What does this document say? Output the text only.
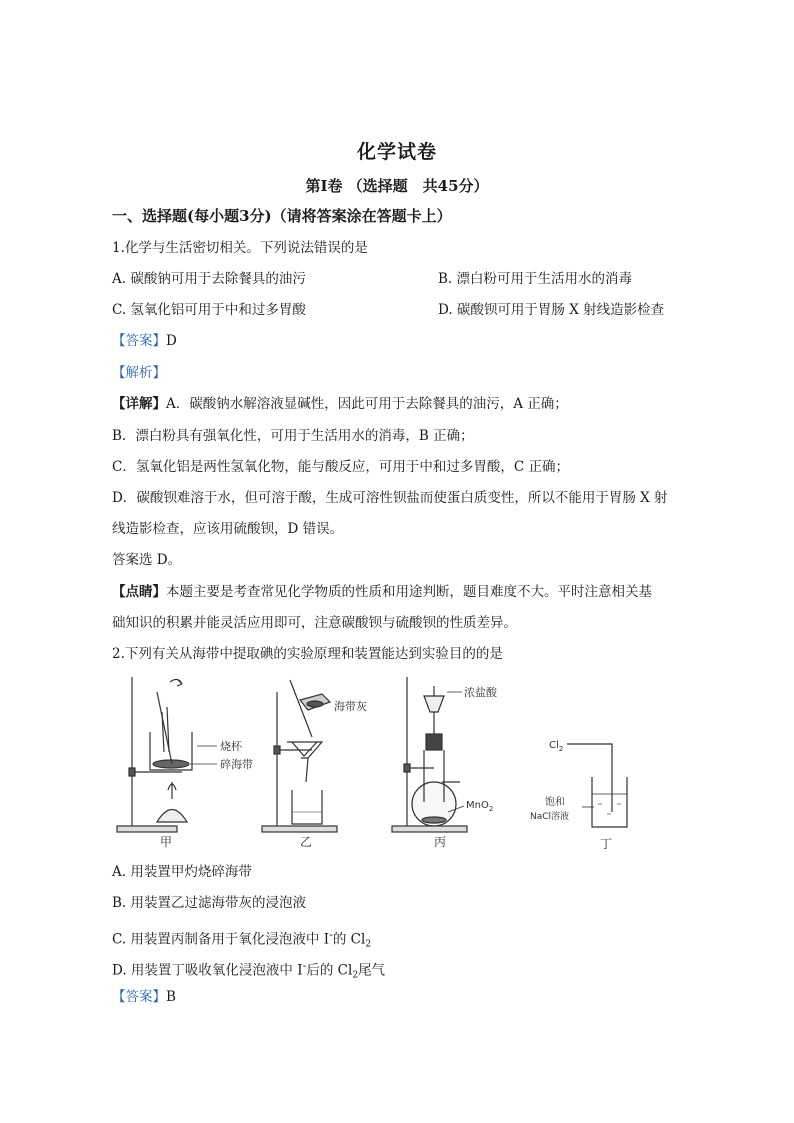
化学试卷
第Ⅰ卷 （选择题　共45分）
一、选择题(每小题3分)（请将答案涂在答题卡上）
1.化学与生活密切相关。下列说法错误的是
A. 碳酸钠可用于去除餐具的油污	B. 漂白粉可用于生活用水的消毒
C. 氢氧化铝可用于中和过多胃酸	D. 碳酸钡可用于胃肠 X 射线造影检查
【答案】D
【解析】
【详解】A．碳酸钠水解溶液显碱性，因此可用于去除餐具的油污，A 正确；
B．漂白粉具有强氧化性，可用于生活用水的消毒，B 正确；
C．氢氧化铝是两性氢氧化物，能与酸反应，可用于中和过多胃酸，C 正确；
D．碳酸钡难溶于水，但可溶于酸，生成可溶性钡盐而使蛋白质变性，所以不能用于胃肠 X 射
线造影检查，应该用硫酸钡，D 错误。
答案选 D。
【点睛】本题主要是考查常见化学物质的性质和用途判断，题目难度不大。平时注意相关基
础知识的积累并能灵活应用即可，注意碳酸钡与硫酸钡的性质差异。
2.下列有关从海带中提取碘的实验原理和装置能达到实验目的的是
烧杯
碎海带
甲
海带灰
乙
浓盐酸
MnO$_2$
丙
$Cl_2$
饱和
NaCl溶液
丁
A. 用装置甲灼烧碎海带
B. 用装置乙过滤海带灰的浸泡液
C. 用装置丙制备用于氧化浸泡液中 I-的 $Cl_2$
D. 用装置丁吸收氧化浸泡液中 I-后的 $Cl_2$尾气
【答案】B
